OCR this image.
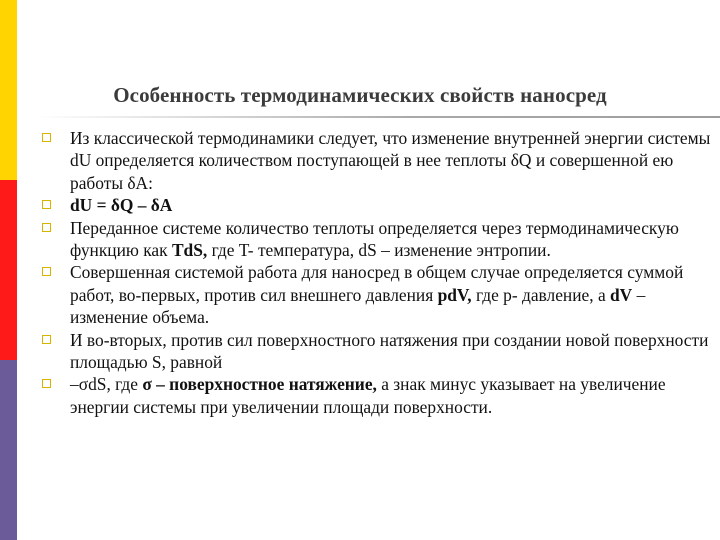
Особенность термодинамических свойств наносред
Из классической термодинамики следует, что изменение внутренней энергии системы dU определяется количеством поступающей в нее теплоты δQ и совершенной ею работы δA:
dU = δQ – δA
Переданное системе количество теплоты определяется через термодинамическую функцию как TdS, где T- температура, dS – изменение энтропии.
Совершенная системой работа для наносред в общем случае определяется суммой работ, во-первых, против сил внешнего давления pdV, где p- давление, а dV – изменение объема.
И во-вторых, против сил поверхностного натяжения при создании новой поверхности площадью S, равной
–σdS, где σ – поверхностное натяжение, а знак минус указывает на увеличение энергии системы при увеличении площади поверхности.
